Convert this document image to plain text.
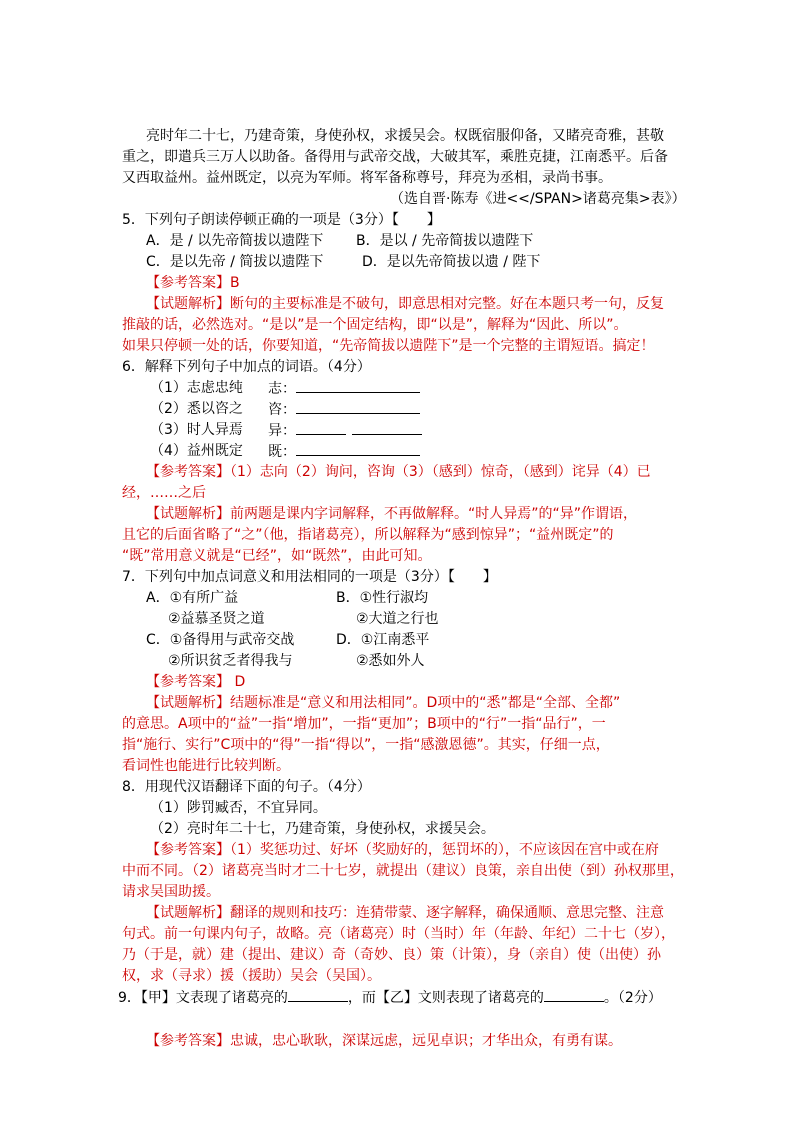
亮时年二十七，乃建奇策，身使孙权，求援吴会。权既宿服仰备，又睹亮奇雅，甚敬
重之，即遣兵三万人以助备。备得用与武帝交战，大破其军，乘胜克捷，江南悉平。后备
又西取益州。益州既定，以亮为军师。将军备称尊号，拜亮为丞相，录尚书事。
（选自晋·陈寿《进<</SPAN>诸葛亮集>表》）
5．下列句子朗读停顿正确的一项是（3分）【　　】
A．是 / 以先帝简拔以遗陛下 B．是以 / 先帝简拔以遗陛下
C．是以先帝 / 简拔以遗陛下	D．是以先帝简拔以遗 / 陛下
【参考答案】B
【试题解析】断句的主要标准是不破句，即意思相对完整。好在本题只考一句，反复
推敲的话，必然选对。“是以”是一个固定结构，即“以是”，解释为“因此、所以”。
如果只停顿一处的话，你要知道，“先帝简拔以遗陛下”是一个完整的主谓短语。搞定！
6．解释下列句子中加点的词语。（4分）
（1）志虑忠纯 志：
（2）悉以咨之 咨：
（3）时人异焉 异：
（4）益州既定 既：
【参考答案】（1）志向（2）询问，咨询（3）（感到）惊奇，（感到）诧异（4）已
经，……之后
【试题解析】前两题是课内字词解释，不再做解释。“时人异焉”的“异”作谓语，
且它的后面省略了“之”（他，指诸葛亮），所以解释为“感到惊异”；“益州既定”的
“既”常用意义就是“已经”，如“既然”，由此可知。
7．下列句中加点词意义和用法相同的一项是（3分）【　　】
A．①有所广益	B．①性行淑均
②益慕圣贤之道	②大道之行也
C．①备得用与武帝交战	D．①江南悉平
②所识贫乏者得我与	②悉如外人
【参考答案】 D
【试题解析】结题标准是“意义和用法相同”。D项中的“悉”都是“全部、全都”
的意思。A项中的“益”一指“增加”，一指“更加”；B项中的“行”一指“品行”，一
指“施行、实行”C项中的“得”一指“得以”，一指“感激恩德”。其实，仔细一点，
看词性也能进行比较判断。
8．用现代汉语翻译下面的句子。（4分）
（1）陟罚臧否，不宜异同。
（2）亮时年二十七，乃建奇策，身使孙权，求援吴会。
【参考答案】（1）奖惩功过、好坏（奖励好的，惩罚坏的），不应该因在宫中或在府
中而不同。（2）诸葛亮当时才二十七岁，就提出（建议）良策，亲自出使（到）孙权那里，
请求吴国助援。
【试题解析】翻译的规则和技巧：连猜带蒙、逐字解释，确保通顺、意思完整、注意
句式。前一句课内句子，故略。亮（诸葛亮）时（当时）年（年龄、年纪）二十七（岁），
乃（于是，就）建（提出、建议）奇（奇妙、良）策（计策），身（亲自）使（出使）孙
权，求（寻求）援（援助）吴会（吴国）。
9．【甲】文表现了诸葛亮的	，而【乙】文则表现了诸葛亮的	。（2分）
【参考答案】忠诚，忠心耿耿，深谋远虑，远见卓识；才华出众，有勇有谋。
